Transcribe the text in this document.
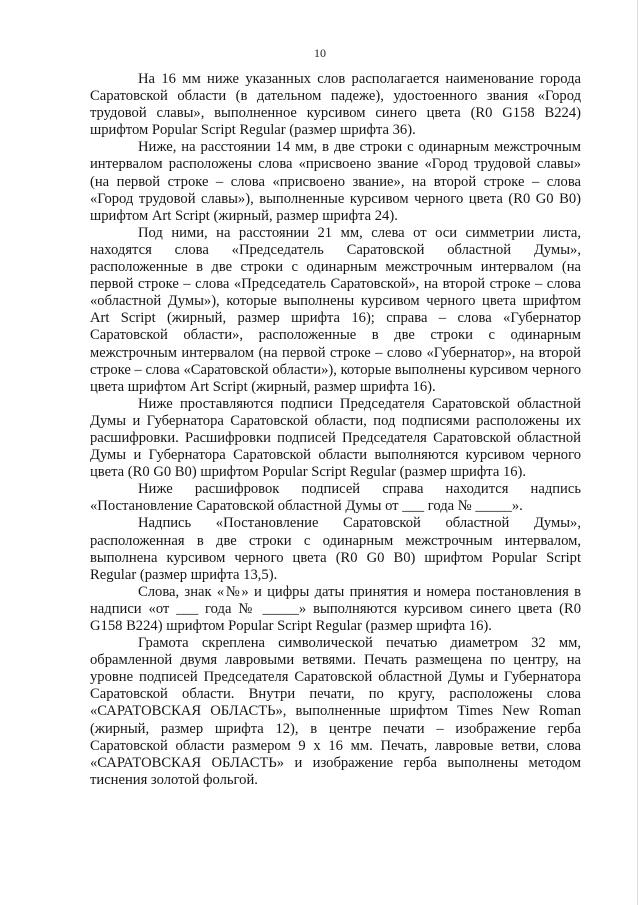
10

На 16 мм ниже указанных слов располагается наименование города Саратовской области (в дательном падеже), удостоенного звания «Город трудовой славы», выполненное курсивом синего цвета (R0 G158 B224) шрифтом Popular Script Regular (размер шрифта 36).

Ниже, на расстоянии 14 мм, в две строки с одинарным межстрочным интервалом расположены слова «присвоено звание «Город трудовой славы» (на первой строке – слова «присвоено звание», на второй строке – слова «Город трудовой славы»), выполненные курсивом черного цвета (R0 G0 B0) шрифтом Art Script (жирный, размер шрифта 24).

Под ними, на расстоянии 21 мм, слева от оси симметрии листа, находятся слова «Председатель Саратовской областной Думы», расположенные в две строки с одинарным межстрочным интервалом (на первой строке – слова «Председатель Саратовской», на второй строке – слова «областной Думы»), которые выполнены курсивом черного цвета шрифтом Art Script (жирный, размер шрифта 16); справа – слова «Губернатор Саратовской области», расположенные в две строки с одинарным межстрочным интервалом (на первой строке – слово «Губернатор», на второй строке – слова «Саратовской области»), которые выполнены курсивом черного цвета шрифтом Art Script (жирный, размер шрифта 16).

Ниже проставляются подписи Председателя Саратовской областной Думы и Губернатора Саратовской области, под подписями расположены их расшифровки. Расшифровки подписей Председателя Саратовской областной Думы и Губернатора Саратовской области выполняются курсивом черного цвета (R0 G0 B0) шрифтом Popular Script Regular (размер шрифта 16).

Ниже расшифровок подписей справа находится надпись «Постановление Саратовской областной Думы от ___ года № _____».

Надпись «Постановление Саратовской областной Думы», расположенная в две строки с одинарным межстрочным интервалом, выполнена курсивом черного цвета (R0 G0 B0) шрифтом Popular Script Regular (размер шрифта 13,5).

Слова, знак «№» и цифры даты принятия и номера постановления в надписи «от ___ года № _____» выполняются курсивом синего цвета (R0 G158 B224) шрифтом Popular Script Regular (размер шрифта 16).

Грамота скреплена символической печатью диаметром 32 мм, обрамленной двумя лавровыми ветвями. Печать размещена по центру, на уровне подписей Председателя Саратовской областной Думы и Губернатора Саратовской области. Внутри печати, по кругу, расположены слова «САРАТОВСКАЯ ОБЛАСТЬ», выполненные шрифтом Times New Roman (жирный, размер шрифта 12), в центре печати – изображение герба Саратовской области размером 9 х 16 мм. Печать, лавровые ветви, слова «САРАТОВСКАЯ ОБЛАСТЬ» и изображение герба выполнены методом тиснения золотой фольгой.
